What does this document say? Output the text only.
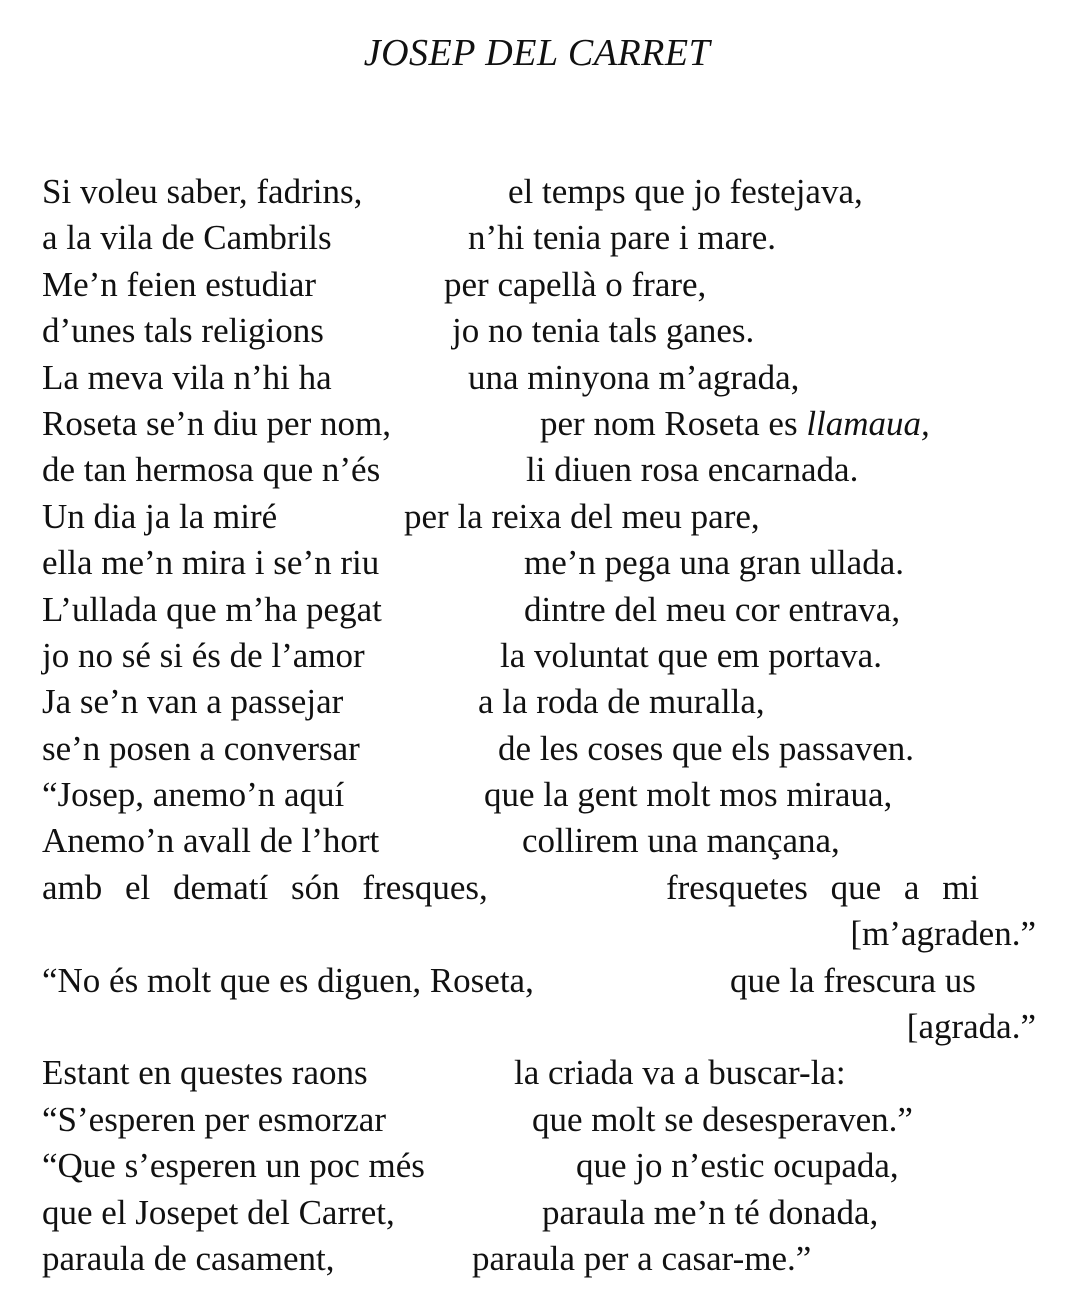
JOSEP DEL CARRET
Si voleu saber, fadrins,	el temps que jo festejava,
a la vila de Cambrils	n’hi tenia pare i mare.
Me’n feien estudiar	per capellà o frare,
d’unes tals religions	jo no tenia tals ganes.
La meva vila n’hi ha	una minyona m’agrada,
Roseta se’n diu per nom,	per nom Roseta es llamaua,
de tan hermosa que n’és	li diuen rosa encarnada.
Un dia ja la miré	per la reixa del meu pare,
ella me’n mira i se’n riu	me’n pega una gran ullada.
L’ullada que m’ha pegat	dintre del meu cor entrava,
jo no sé si és de l’amor	la voluntat que em portava.
Ja se’n van a passejar	a la roda de muralla,
se’n posen a conversar	de les coses que els passaven.
“Josep, anemo’n aquí	que la gent molt mos miraua,
Anemo’n avall de l’hort	collirem una mançana,
amb el dematí són fresques,	fresquetes que a mi
[m’agraden.”
“No és molt que es diguen, Roseta,	que la frescura us
[agrada.”
Estant en questes raons	la criada va a buscar-la:
“S’esperen per esmorzar	que molt se desesperaven.”
“Que s’esperen un poc més	que jo n’estic ocupada,
que el Josepet del Carret,	paraula me’n té donada,
paraula de casament,	paraula per a casar-me.”
